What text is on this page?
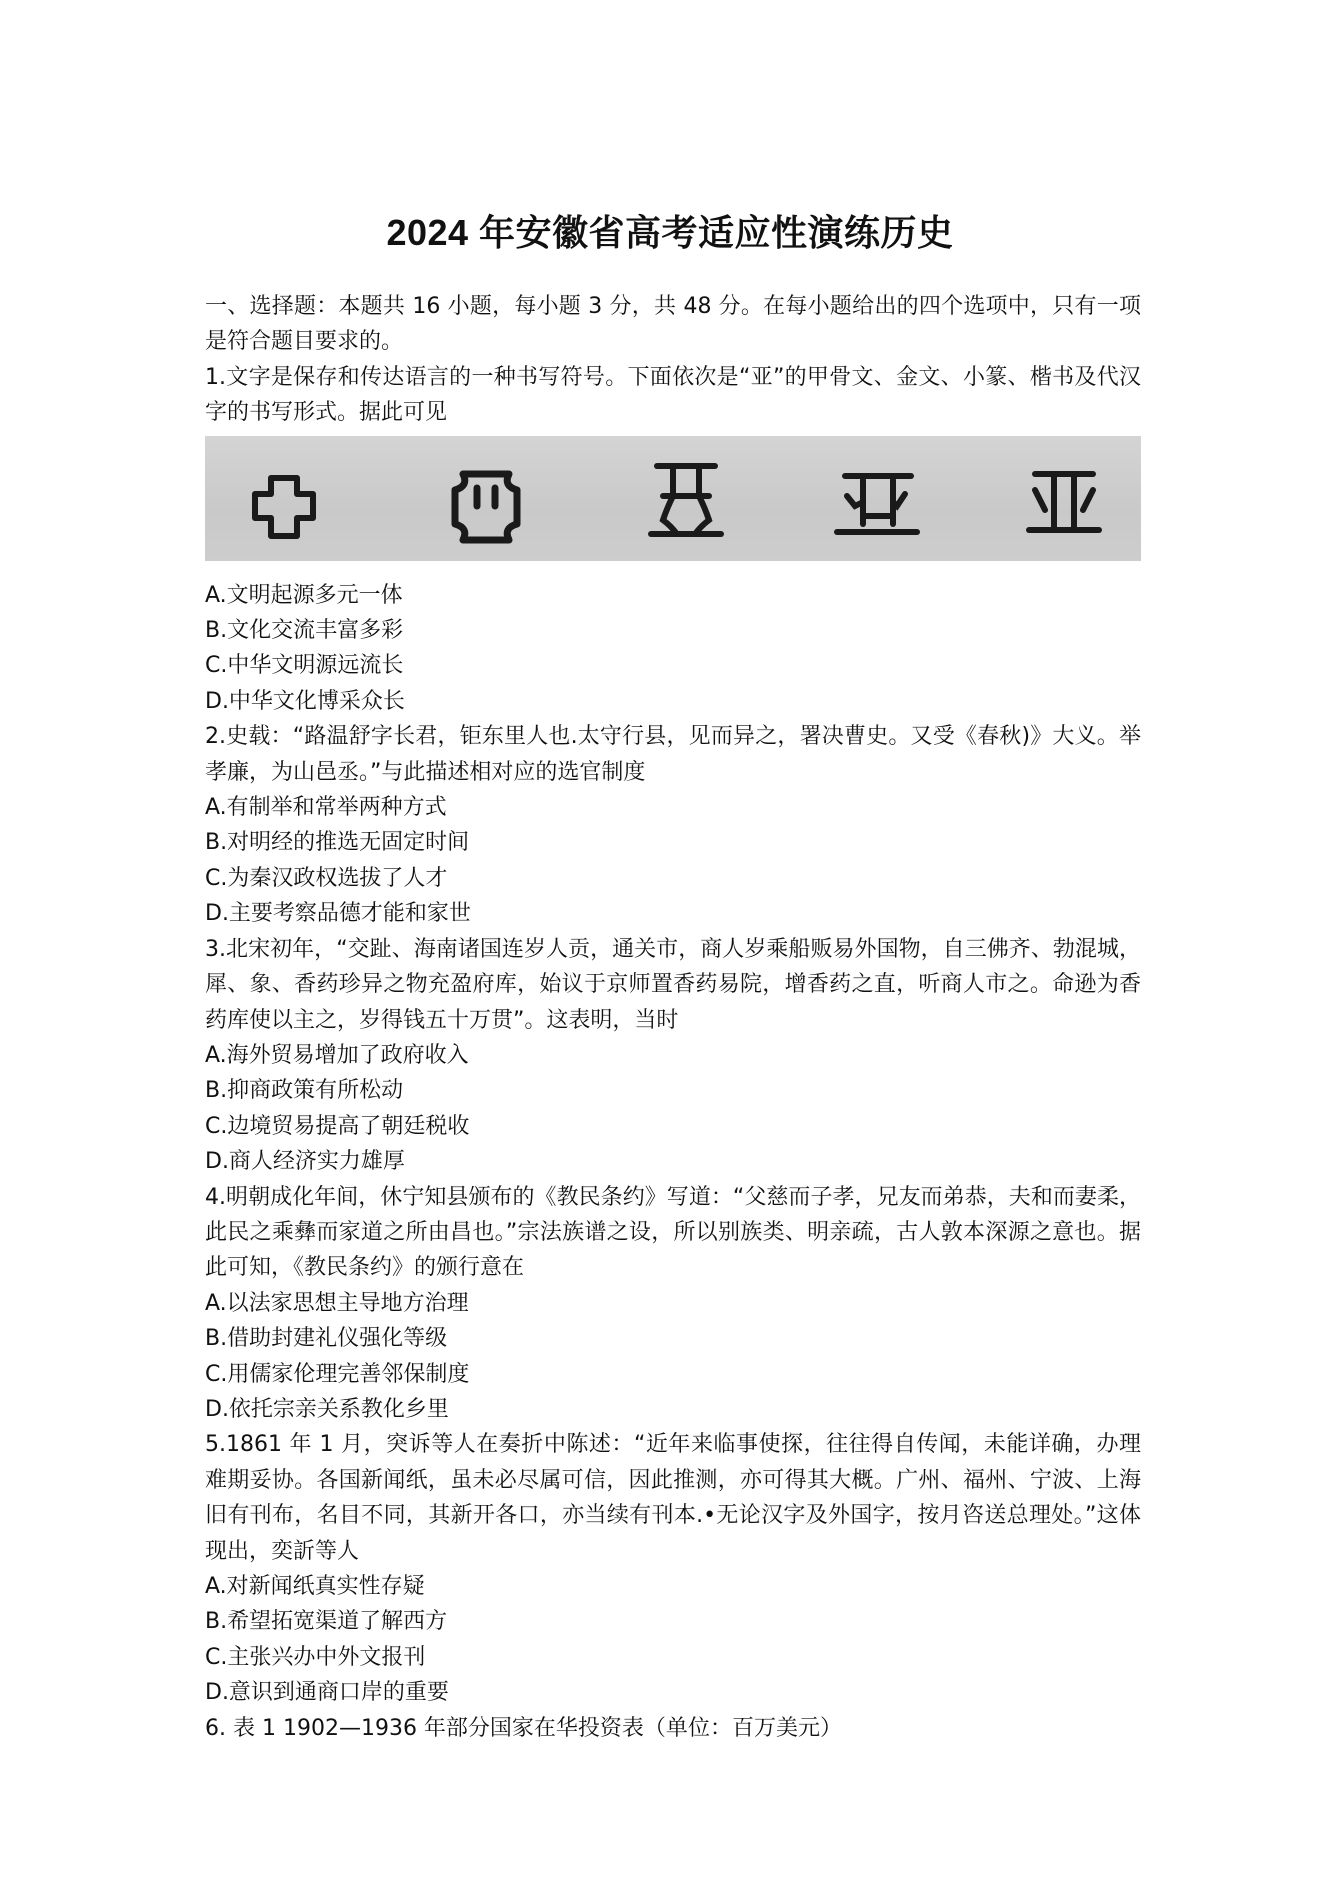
2024 年安徽省高考适应性演练历史

一、选择题：本题共 16 小题，每小题 3 分，共 48 分。在每小题给出的四个选项中，只有一项是符合题目要求的。

1.文字是保存和传达语言的一种书写符号。下面依次是“亚”的甲骨文、金文、小篆、楷书及代汉字的书写形式。据此可见

A.文明起源多元一体

B.文化交流丰富多彩

C.中华文明源远流长

D.中华文化博采众长

2.史载：“路温舒字长君，钜东里人也.太守行县，见而异之，署决曹史。又受《春秋)》大义。举孝廉，为山邑丞。”与此描述相对应的选官制度

A.有制举和常举两种方式

B.对明经的推选无固定时间

C.为秦汉政权选拔了人才

D.主要考察品德才能和家世

3.北宋初年，“交趾、海南诸国连岁人贡，通关市，商人岁乘船贩易外国物，自三佛齐、勃混城，犀、象、香药珍异之物充盈府库，始议于京师置香药易院，增香药之直，听商人市之。命逊为香药库使以主之，岁得钱五十万贯”。这表明，当时

A.海外贸易增加了政府收入

B.抑商政策有所松动

C.边境贸易提高了朝廷税收

D.商人经济实力雄厚

4.明朝成化年间，休宁知县颁布的《教民条约》写道：“父慈而子孝，兄友而弟恭，夫和而妻柔，此民之乘彝而家道之所由昌也。”宗法族谱之设，所以别族类、明亲疏，古人敦本深源之意也。据此可知，《教民条约》的颁行意在

A.以法家思想主导地方治理

B.借助封建礼仪强化等级

C.用儒家伦理完善邻保制度

D.依托宗亲关系教化乡里

5.1861 年 1 月，突诉等人在奏折中陈述：“近年来临事使探，往往得自传闻，未能详确，办理难期妥协。各国新闻纸，虽未必尽属可信，因此推测，亦可得其大概。广州、福州、宁波、上海旧有刊布，名目不同，其新开各口，亦当续有刊本.•无论汉字及外国字，按月咨送总理处。”这体现出，奕訢等人

A.对新闻纸真实性存疑

B.希望拓宽渠道了解西方

C.主张兴办中外文报刊

D.意识到通商口岸的重要

6. 表 1 1902—1936 年部分国家在华投资表（单位：百万美元）
